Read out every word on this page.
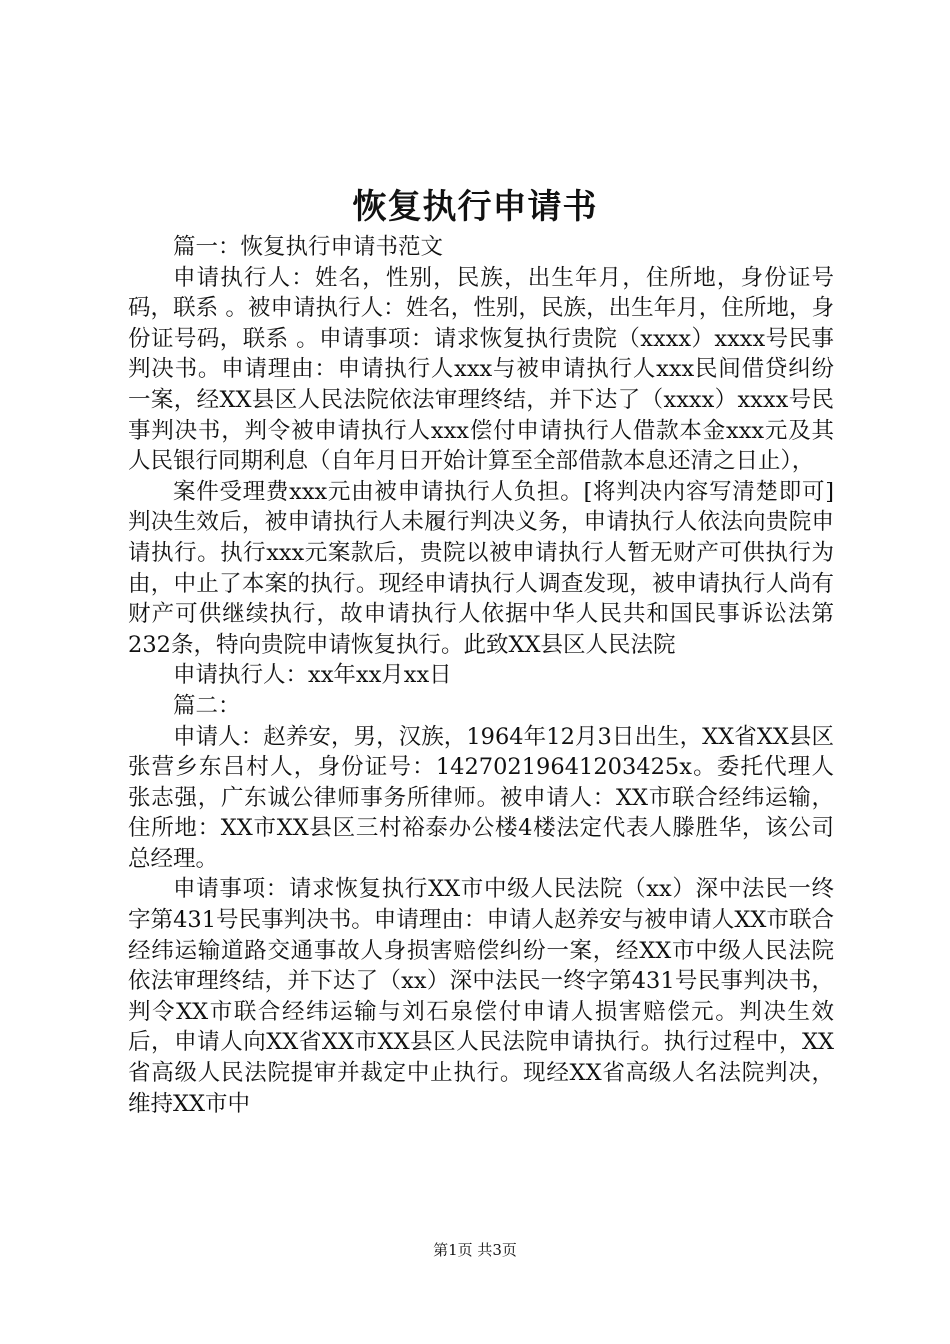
恢复执行申请书

篇一：恢复执行申请书范文

申请执行人：姓名，性别，民族，出生年月，住所地，身份证号码，联系 。被申请执行人：姓名，性别，民族，出生年月，住所地，身份证号码，联系 。申请事项：请求恢复执行贵院（xxxx）xxxx号民事判决书。申请理由：申请执行人xxx与被申请执行人xxx民间借贷纠纷一案，经XX县区人民法院依法审理终结，并下达了（xxxx）xxxx号民事判决书，判令被申请执行人xxx偿付申请执行人借款本金xxx元及其人民银行同期利息（自年月日开始计算至全部借款本息还清之日止），

案件受理费xxx元由被申请执行人负担。[将判决内容写清楚即可]判决生效后，被申请执行人未履行判决义务，申请执行人依法向贵院申请执行。执行xxx元案款后，贵院以被申请执行人暂无财产可供执行为由，中止了本案的执行。现经申请执行人调查发现，被申请执行人尚有财产可供继续执行，故申请执行人依据中华人民共和国民事诉讼法第232条，特向贵院申请恢复执行。此致XX县区人民法院

申请执行人：xx年xx月xx日

篇二：

申请人：赵养安，男，汉族，1964年12月3日出生，XX省XX县区张营乡东吕村人，身份证号：14270219641203425x。委托代理人张志强，广东诚公律师事务所律师。被申请人：XX市联合经纬运输，住所地：XX市XX县区三村裕泰办公楼4楼法定代表人滕胜华，该公司总经理。

申请事项：请求恢复执行XX市中级人民法院（xx）深中法民一终字第431号民事判决书。申请理由：申请人赵养安与被申请人XX市联合经纬运输道路交通事故人身损害赔偿纠纷一案，经XX市中级人民法院依法审理终结，并下达了（xx）深中法民一终字第431号民事判决书，判令XX市联合经纬运输与刘石泉偿付申请人损害赔偿元。判决生效后，申请人向XX省XX市XX县区人民法院申请执行。执行过程中，XX省高级人民法院提审并裁定中止执行。现经XX省高级人名法院判决，维持XX市中

第1页 共3页
